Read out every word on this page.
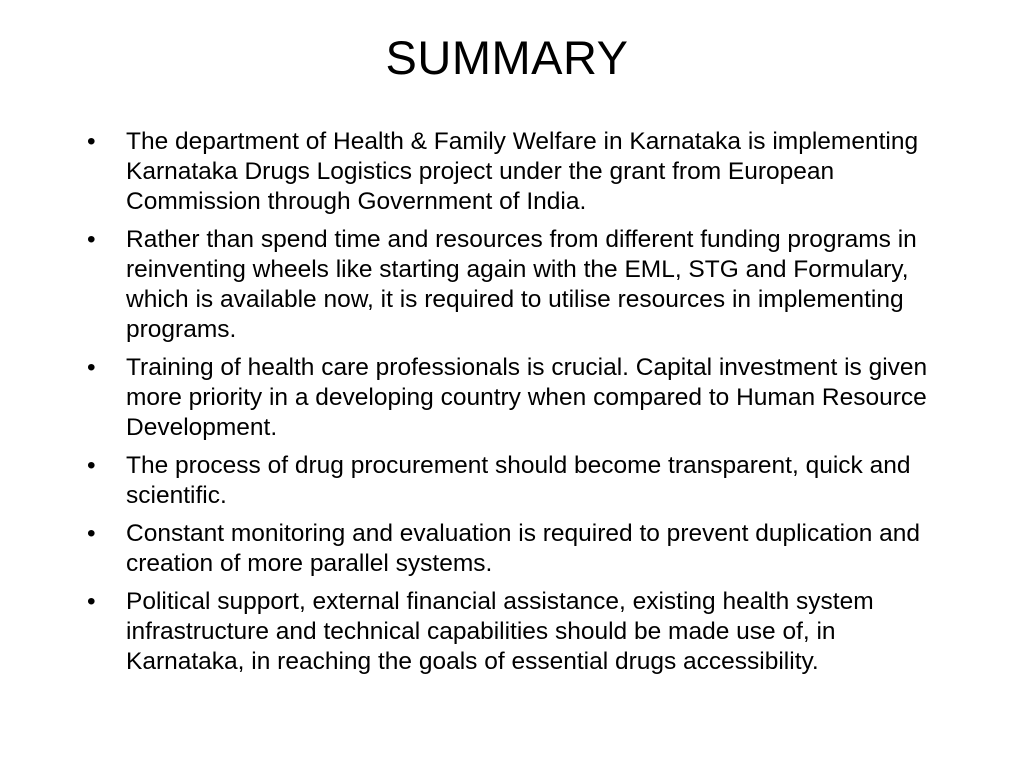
SUMMARY
•	The department of Health & Family Welfare in Karnataka is implementing Karnataka Drugs Logistics project under the grant from European Commission through Government of India.
•	Rather than spend time and resources from different funding programs in reinventing wheels like starting again with the EML, STG and Formulary, which is available now, it is required to utilise resources in implementing programs.
•	Training of health care professionals is crucial. Capital investment is given more priority in a developing country when compared to Human Resource Development.
•	The process of drug procurement should become transparent, quick and scientific.
•	Constant monitoring and evaluation is required to prevent duplication and creation of more parallel systems.
•	Political support, external financial assistance, existing health system infrastructure and technical capabilities should be made use of, in Karnataka, in reaching the goals of essential drugs accessibility.
